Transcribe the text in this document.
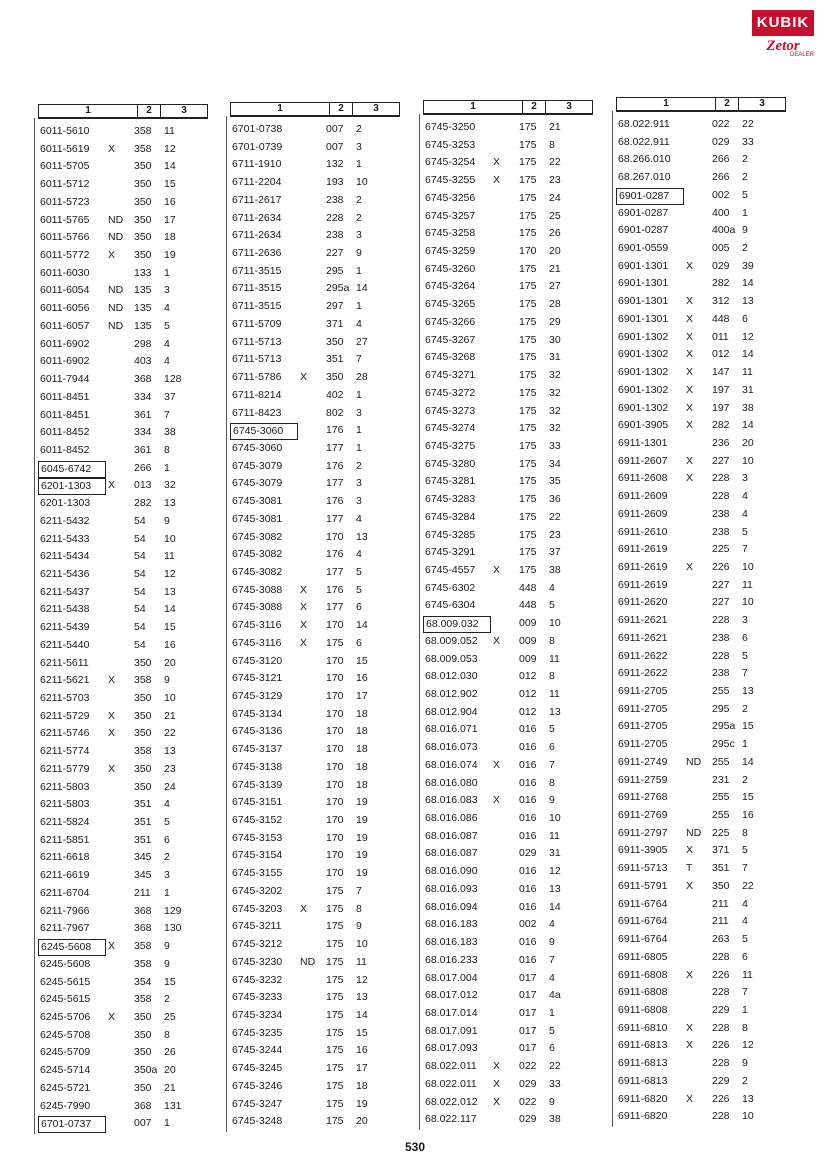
KUBIK
Zetor
DEALER
1	2	3
6011-5610	358 11
6011-5619 X 358 12
6011-5705	350 14
6011-5712	350 15
6011-5723	350 16
6011-5765 ND 350 17
6011-5766 ND 350 18
6011-5772 X 350 19
6011-6030	133 1
6011-6054 ND 135 3
6011-6056 ND 135 4
6011-6057 ND 135 5
6011-6902	298 4
6011-6902	403 4
6011-7944	368 128
6011-8451	334 37
6011-8451	361 7
6011-8452	334 38
6011-8452	361 8
6045-6742	266 1
6201-1303	X 013 32
6201-1303	282 13
6211-5432	54 9
6211-5433	54 10
6211-5434	54 11
6211-5436	54 12
6211-5437	54 13
6211-5438	54 14
6211-5439	54 15
6211-5440	54 16
6211-5611	350 20
6211-5621 X 358 9
6211-5703	350 10
6211-5729 X 350 21
6211-5746 X 350 22
6211-5774	358 13
6211-5779 X 350 23
6211-5803	350 24
6211-5803	351 4
6211-5824	351 5
6211-5851	351 6
6211-6618	345 2
6211-6619	345 3
6211-6704	211 1
6211-7966	368 129
6211-7967	368 130
6245-5608	X 358 9
6245-5608	358 9
6245-5615	354 15
6245-5615	358 2
6245-5706 X 350 25
6245-5708	350 8
6245-5709	350 26
6245-5714	350a 20
6245-5721	350 21
6245-7990	368 131
6701-0737	007 1
1	2	3
6701-0738	007 2
6701-0739	007 3
6711-1910	132 1
6711-2204	193 10
6711-2617	238 2
6711-2634	228 2
6711-2634	238 3
6711-2636	227 9
6711-3515	295 1
6711-3515	295a 14
6711-3515	297 1
6711-5709	371 4
6711-5713	350 27
6711-5713	351 7
6711-5786 X 350 28
6711-8214	402 1
6711-8423	802 3
6745-3060	176 1
6745-3060	177 1
6745-3079	176 2
6745-3079	177 3
6745-3081	176 3
6745-3081	177 4
6745-3082	170 13
6745-3082	176 4
6745-3082	177 5
6745-3088 X 176 5
6745-3088 X 177 6
6745-3116 X 170 14
6745-3116 X 175 6
6745-3120	170 15
6745-3121	170 16
6745-3129	170 17
6745-3134	170 18
6745-3136	170 18
6745-3137	170 18
6745-3138	170 18
6745-3139	170 18
6745-3151	170 19
6745-3152	170 19
6745-3153	170 19
6745-3154	170 19
6745-3155	170 19
6745-3202	175 7
6745-3203 X 175 8
6745-3211	175 9
6745-3212	175 10
6745-3230 ND 175 11
6745-3232	175 12
6745-3233	175 13
6745-3234	175 14
6745-3235	175 15
6745-3244	175 16
6745-3245	175 17
6745-3246	175 18
6745-3247	175 19
6745-3248	175 20
1	2	3
6745-3250	175 21
6745-3253	175 8
6745-3254 X 175 22
6745-3255 X 175 23
6745-3256	175 24
6745-3257	175 25
6745-3258	175 26
6745-3259	170 20
6745-3260	175 21
6745-3264	175 27
6745-3265	175 28
6745-3266	175 29
6745-3267	175 30
6745-3268	175 31
6745-3271	175 32
6745-3272	175 32
6745-3273	175 32
6745-3274	175 32
6745-3275	175 33
6745-3280	175 34
6745-3281	175 35
6745-3283	175 36
6745-3284	175 22
6745-3285	175 23
6745-3291	175 37
6745-4557 X 175 38
6745-6302	448 4
6745-6304	448 5
68.009.032	009 10
68.009.052 X 009 8
68.009.053	009 11
68.012.030	012 8
68.012.902	012 11
68.012.904	012 13
68.016.071	016 5
68.016.073	016 6
68.016.074 X 016 7
68.016.080	016 8
68.016.083 X 016 9
68.016.086	016 10
68.016.087	016 11
68.016.087	029 31
68.016.090	016 12
68.016.093	016 13
68.016.094	016 14
68.016.183	002 4
68.016.183	016 9
68.016.233	016 7
68.017.004	017 4
68.017.012	017 4a
68.017.014	017 1
68.017.091	017 5
68.017.093	017 6
68.022.011 X 022 22
68.022.011 X 029 33
68.022.012 X 022 9
68.022.117	029 38
1	2	3
68.022.911	022 22
68.022.911	029 33
68.266.010	266 2
68.267.010	266 2
6901-0287	002 5
6901-0287	400 1
6901-0287	400a 9
6901-0559	005 2
6901-1301 X 029 39
6901-1301	282 14
6901-1301 X 312 13
6901-1301 X 448 6
6901-1302 X 011 12
6901-1302 X 012 14
6901-1302 X 147 11
6901-1302 X 197 31
6901-1302 X 197 38
6901-3905 X 282 14
6911-1301	236 20
6911-2607 X 227 10
6911-2608 X 228 3
6911-2609	228 4
6911-2609	238 4
6911-2610	238 5
6911-2619	225 7
6911-2619 X 226 10
6911-2619	227 11
6911-2620	227 10
6911-2621	228 3
6911-2621	238 6
6911-2622	228 5
6911-2622	238 7
6911-2705	255 13
6911-2705	295 2
6911-2705	295a 15
6911-2705	295c 1
6911-2749 ND 255 14
6911-2759	231 2
6911-2768	255 15
6911-2769	255 16
6911-2797 ND 225 8
6911-3905 X 371 5
6911-5713 T 351 7
6911-5791 X 350 22
6911-6764	211 4
6911-6764	211 4
6911-6764	263 5
6911-6805	228 6
6911-6808 X 226 11
6911-6808	228 7
6911-6808	229 1
6911-6810 X 228 8
6911-6813 X 226 12
6911-6813	228 9
6911-6813	229 2
6911-6820 X 226 13
6911-6820	228 10
530
